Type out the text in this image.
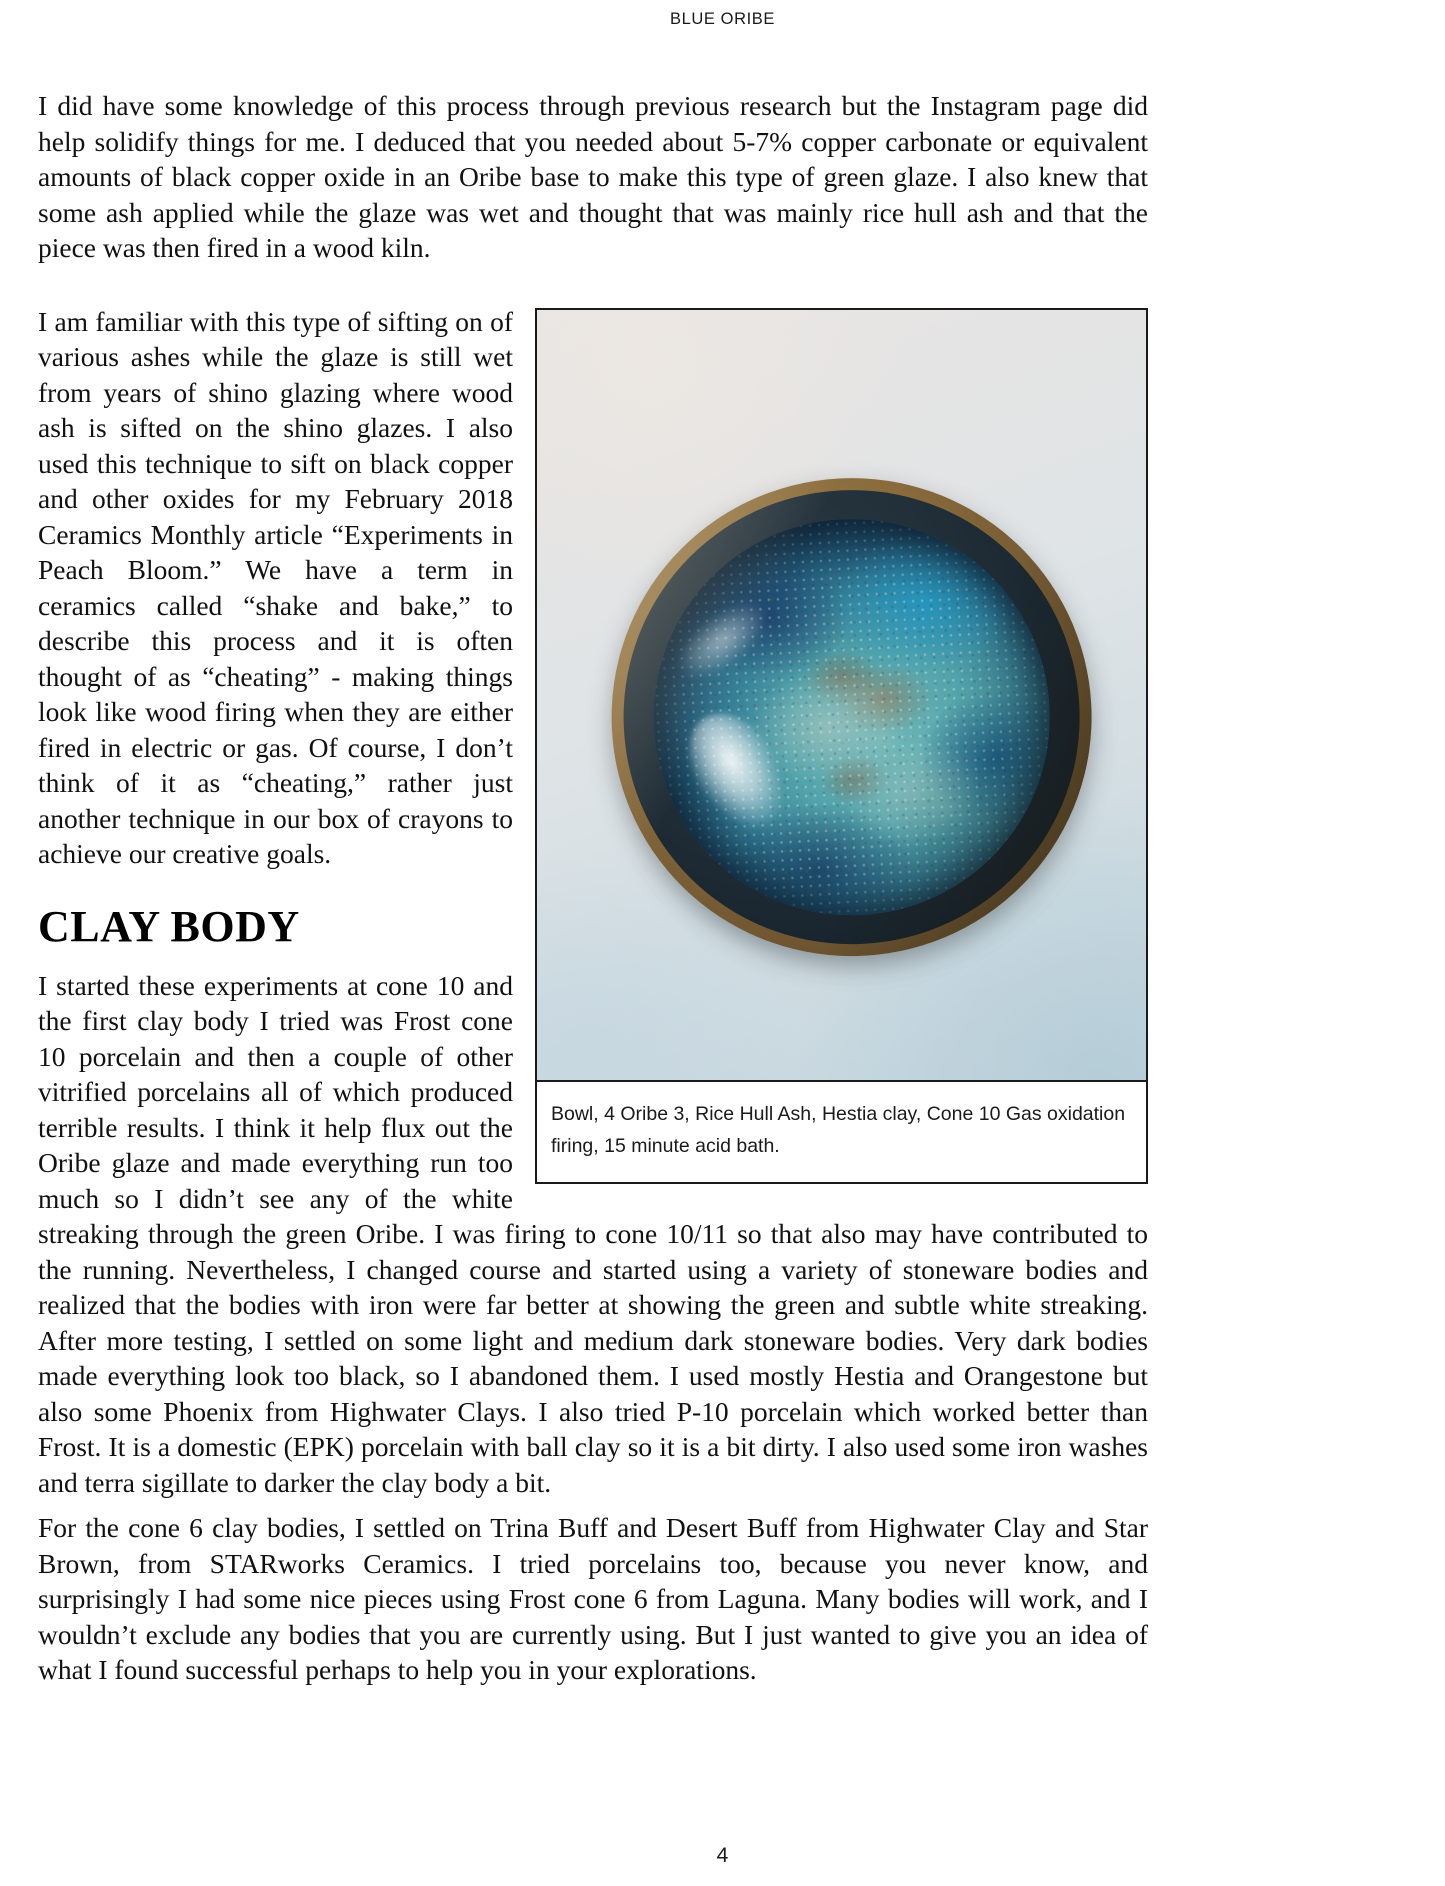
BLUE ORIBE

I did have some knowledge of this process through previous research but the Instagram page did help solidify things for me. I deduced that you needed about 5-7% copper carbonate or equivalent amounts of black copper oxide in an Oribe base to make this type of green glaze. I also knew that some ash applied while the glaze was wet and thought that was mainly rice hull ash and that the piece was then fired in a wood kiln.

Bowl, 4 Oribe 3, Rice Hull Ash, Hestia clay, Cone 10 Gas oxidation firing, 15 minute acid bath.

I am familiar with this type of sifting on of various ashes while the glaze is still wet from years of shino glazing where wood ash is sifted on the shino glazes. I also used this technique to sift on black copper and other oxides for my February 2018 Ceramics Monthly article “Experiments in Peach Bloom.” We have a term in ceramics called “shake and bake,” to describe this process and it is often thought of as “cheating” - making things look like wood firing when they are either fired in electric or gas. Of course, I don’t think of it as “cheating,” rather just another technique in our box of crayons to achieve our creative goals.

CLAY BODY

I started these experiments at cone 10 and the first clay body I tried was Frost cone 10 porcelain and then a couple of other vitrified porcelains all of which produced terrible results. I think it help flux out the Oribe glaze and made everything run too much so I didn’t see any of the white streaking through the green Oribe. I was firing to cone 10/11 so that also may have contributed to the running. Nevertheless, I changed course and started using a variety of stoneware bodies and realized that the bodies with iron were far better at showing the green and subtle white streaking. After more testing, I settled on some light and medium dark stoneware bodies. Very dark bodies made everything look too black, so I abandoned them. I used mostly Hestia and Orangestone but also some Phoenix from Highwater Clays. I also tried P-10 porcelain which worked better than Frost. It is a domestic (EPK) porcelain with ball clay so it is a bit dirty. I also used some iron washes and terra sigillate to darker the clay body a bit.

For the cone 6 clay bodies, I settled on Trina Buff and Desert Buff from Highwater Clay and Star Brown, from STARworks Ceramics. I tried porcelains too, because you never know, and surprisingly I had some nice pieces using Frost cone 6 from Laguna. Many bodies will work, and I wouldn’t exclude any bodies that you are currently using. But I just wanted to give you an idea of what I found successful perhaps to help you in your explorations.

4
